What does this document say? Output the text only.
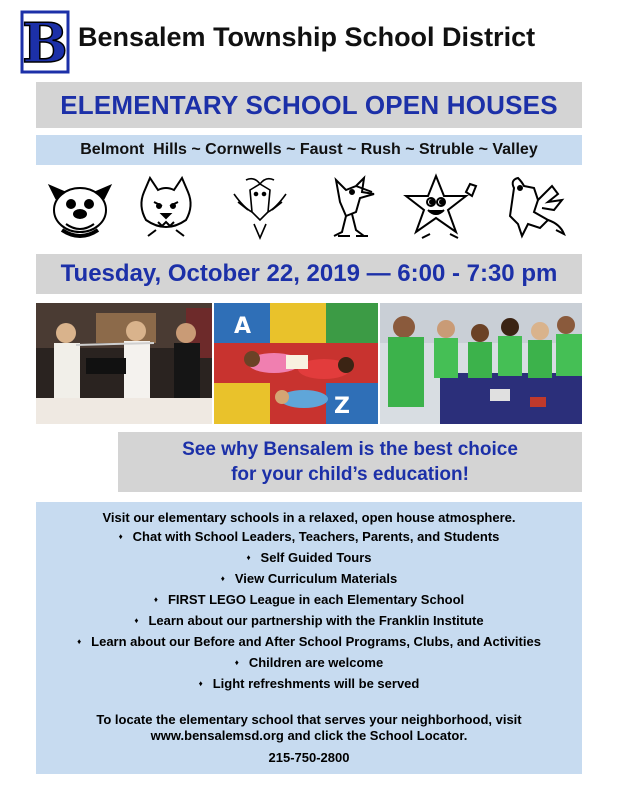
B Bensalem Township School District
ELEMENTARY SCHOOL OPEN HOUSES
Belmont  Hills ~ Cornwells ~ Faust ~ Rush ~ Struble ~ Valley
Tuesday, October 22, 2019 — 6:00 - 7:30 pm
A
Z
See why Bensalem is the best choice
for your child’s education!
Visit our elementary schools in a relaxed, open house atmosphere.
♦ Chat with School Leaders, Teachers, Parents, and Students
♦ Self Guided Tours
♦ View Curriculum Materials
♦ FIRST LEGO League in each Elementary School
♦ Learn about our partnership with the Franklin Institute
♦ Learn about our Before and After School Programs, Clubs, and Activities
♦ Children are welcome
♦ Light refreshments will be served
To locate the elementary school that serves your neighborhood, visit
www.bensalemsd.org and click the School Locator.
215-750-2800
